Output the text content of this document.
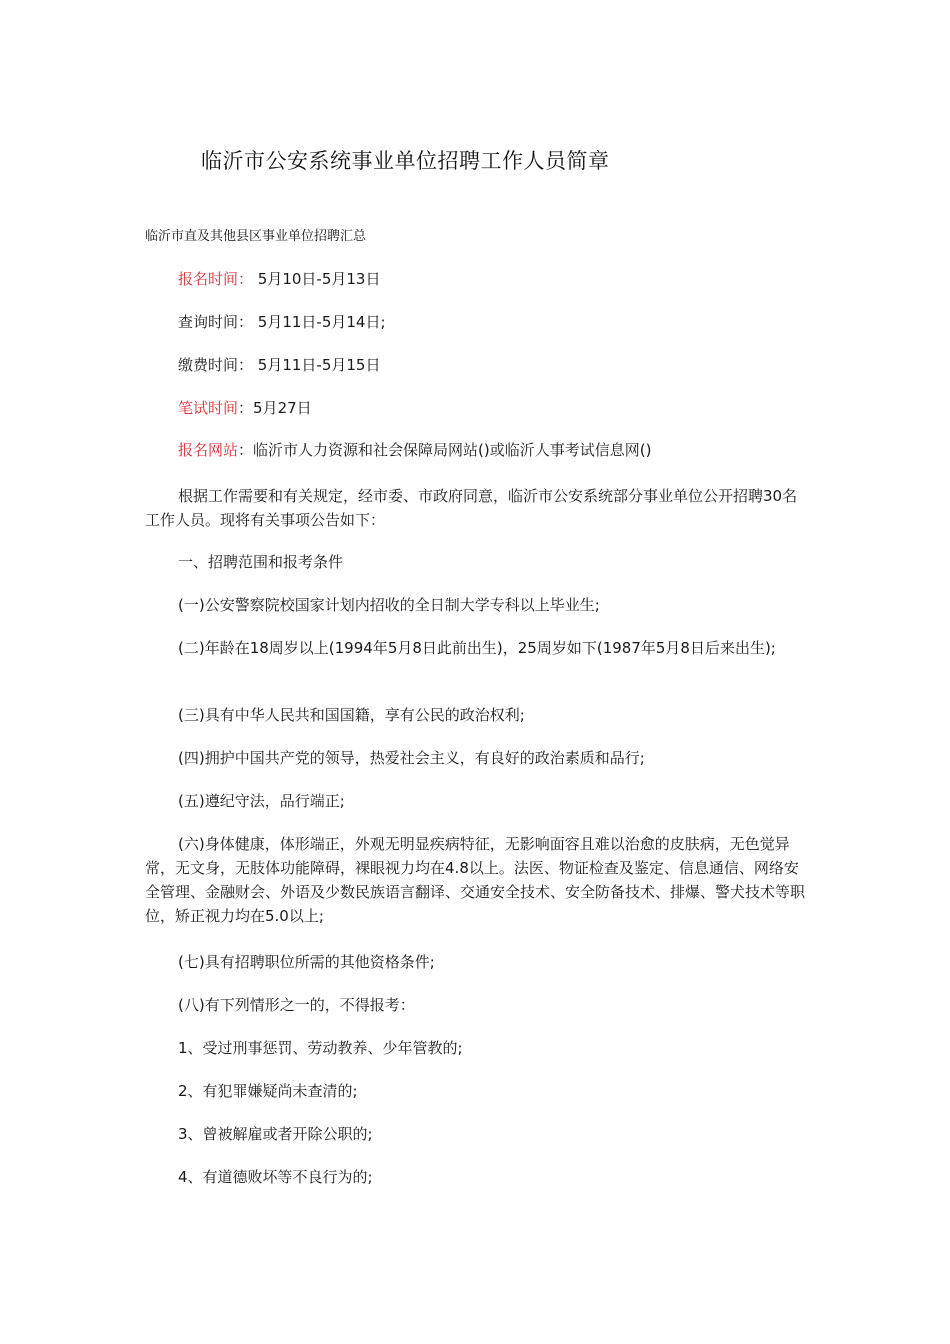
临沂市公安系统事业单位招聘工作人员简章
临沂市直及其他县区事业单位招聘汇总
报名时间： 5月10日-5月13日
查询时间： 5月11日-5月14日;
缴费时间： 5月11日-5月15日
笔试时间：5月27日
报名网站：临沂市人力资源和社会保障局网站()或临沂人事考试信息网()

根据工作需要和有关规定，经市委、市政府同意，临沂市公安系统部分事业单位公开招聘30名工作人员。现将有关事项公告如下：

一、招聘范围和报考条件
(一)公安警察院校国家计划内招收的全日制大学专科以上毕业生;

(二)年龄在18周岁以上(1994年5月8日此前出生)，25周岁如下(1987年5月8日后来出生);

(三)具有中华人民共和国国籍，享有公民的政治权利;
(四)拥护中国共产党的领导，热爱社会主义，有良好的政治素质和品行;
(五)遵纪守法，品行端正;

(六)身体健康，体形端正，外观无明显疾病特征，无影响面容且难以治愈的皮肤病，无色觉异常，无文身，无肢体功能障碍，裸眼视力均在4.8以上。法医、物证检查及鉴定、信息通信、网络安全管理、金融财会、外语及少数民族语言翻译、交通安全技术、安全防备技术、排爆、警犬技术等职位，矫正视力均在5.0以上;

(七)具有招聘职位所需的其他资格条件;
(八)有下列情形之一的，不得报考：
1、受过刑事惩罚、劳动教养、少年管教的;
2、有犯罪嫌疑尚未查清的;
3、曾被解雇或者开除公职的;
4、有道德败坏等不良行为的;
